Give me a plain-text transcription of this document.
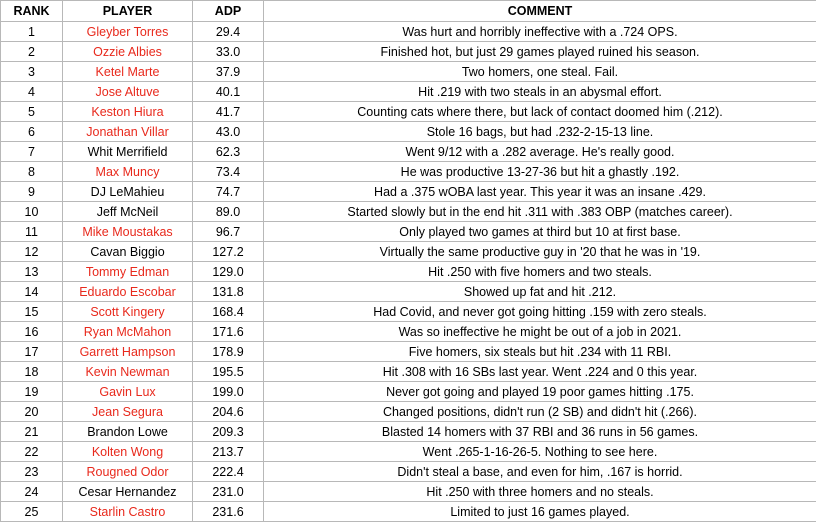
RANK	PLAYER	ADP	COMMENT
1	Gleyber Torres	29.4	Was hurt and horribly ineffective with a .724 OPS.
2	Ozzie Albies	33.0	Finished hot, but just 29 games played ruined his season.
3	Ketel Marte	37.9	Two homers, one steal. Fail.
4	Jose Altuve	40.1	Hit .219 with two steals in an abysmal effort.
5	Keston Hiura	41.7	Counting cats where there, but lack of contact doomed him (.212).
6	Jonathan Villar	43.0	Stole 16 bags, but had .232-2-15-13 line.
7	Whit Merrifield	62.3	Went 9/12 with a .282 average. He's really good.
8	Max Muncy	73.4	He was productive 13-27-36 but hit a ghastly .192.
9	DJ LeMahieu	74.7	Had a .375 wOBA last year. This year it was an insane .429.
10	Jeff McNeil	89.0	Started slowly but in the end hit .311 with .383 OBP (matches career).
11	Mike Moustakas	96.7	Only played two games at third but 10 at first base.
12	Cavan Biggio	127.2	Virtually the same productive guy in '20 that he was in '19.
13	Tommy Edman	129.0	Hit .250 with five homers and two steals.
14	Eduardo Escobar	131.8	Showed up fat and hit .212.
15	Scott Kingery	168.4	Had Covid, and never got going hitting .159 with zero steals.
16	Ryan McMahon	171.6	Was so ineffective he might be out of a job in 2021.
17	Garrett Hampson	178.9	Five homers, six steals but hit .234 with 11 RBI.
18	Kevin Newman	195.5	Hit .308 with 16 SBs last year. Went .224 and 0 this year.
19	Gavin Lux	199.0	Never got going and played 19 poor games hitting .175.
20	Jean Segura	204.6	Changed positions, didn't run (2 SB) and didn't hit (.266).
21	Brandon Lowe	209.3	Blasted 14 homers with 37 RBI and 36 runs in 56 games.
22	Kolten Wong	213.7	Went .265-1-16-26-5. Nothing to see here.
23	Rougned Odor	222.4	Didn't steal a base, and even for him, .167 is horrid.
24	Cesar Hernandez	231.0	Hit .250 with three homers and no steals.
25	Starlin Castro	231.6	Limited to just 16 games played.
